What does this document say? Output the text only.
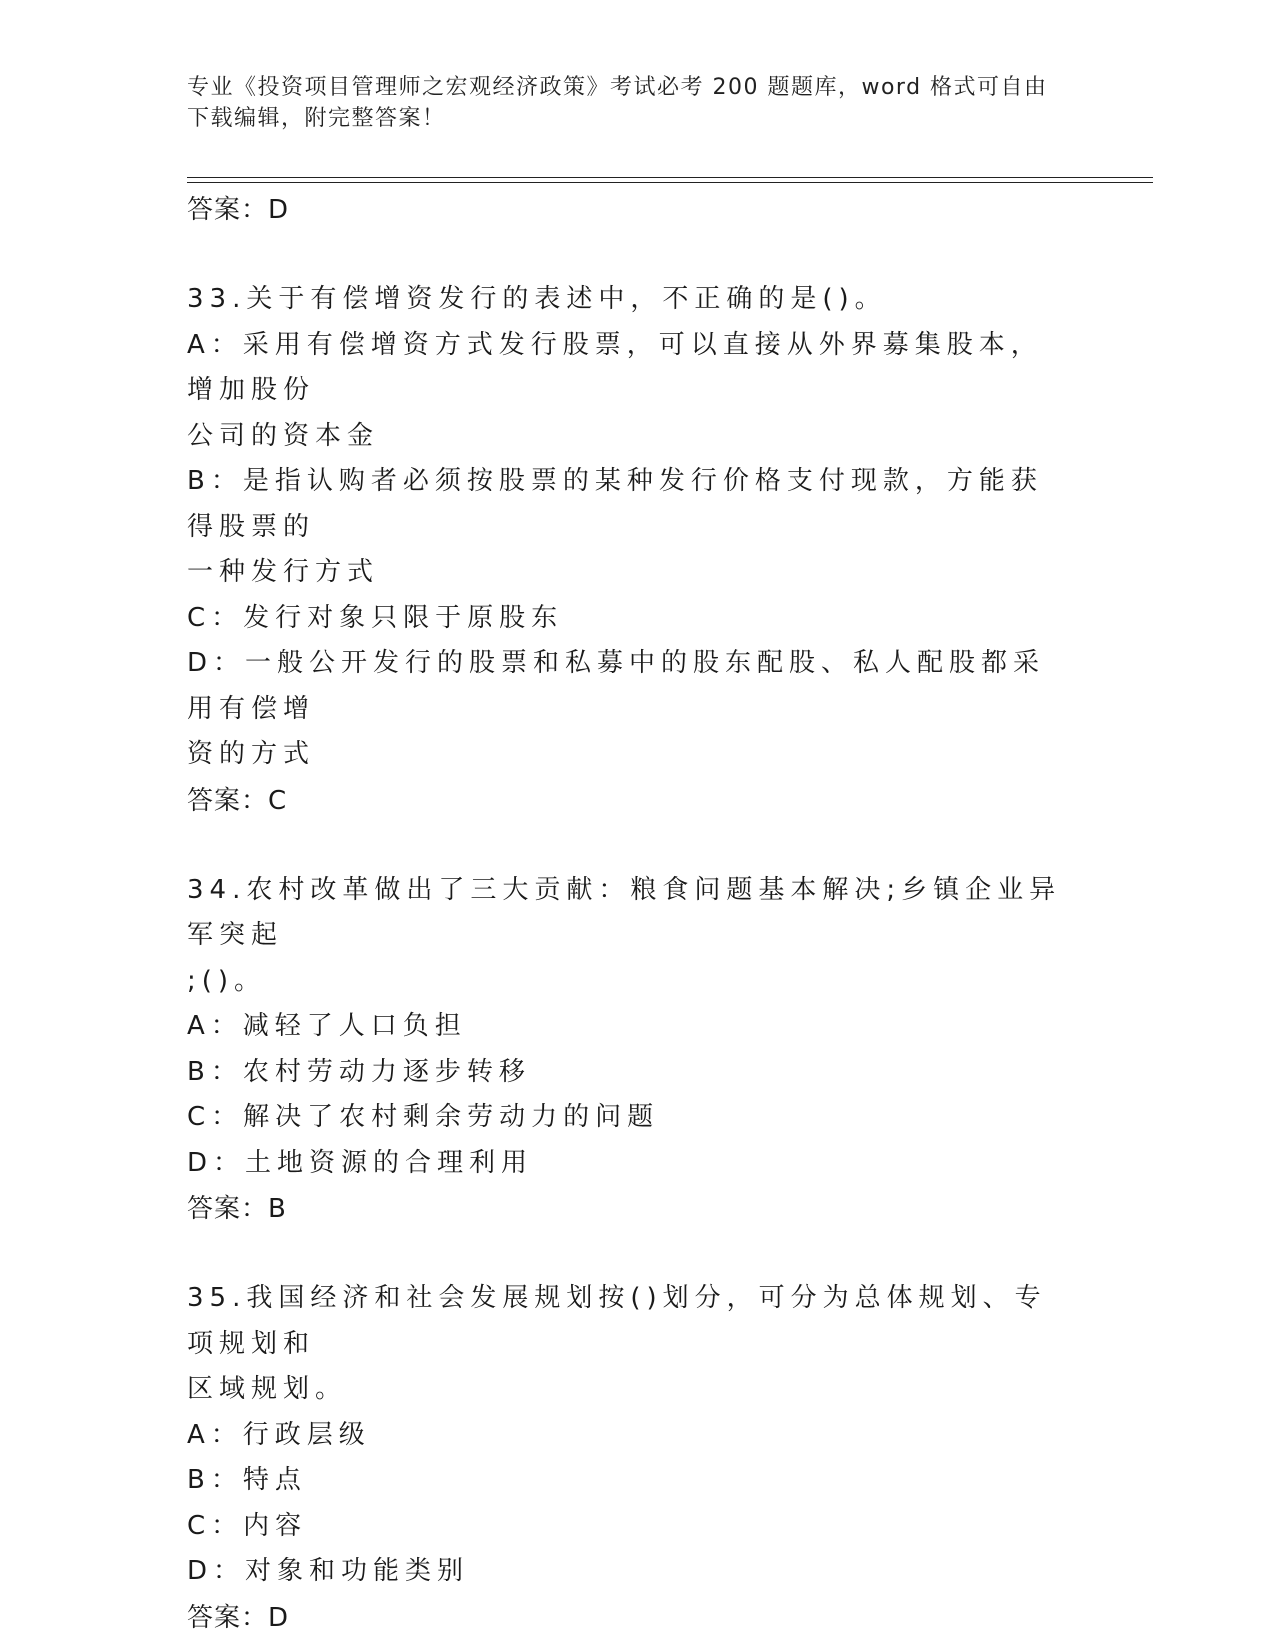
专业《投资项目管理师之宏观经济政策》考试必考 200 题题库，word 格式可自由
下载编辑，附完整答案！

答案：D

33.关于有偿增资发行的表述中，不正确的是()。

A：采用有偿增资方式发行股票，可以直接从外界募集股本，增加股份

公司的资本金

B：是指认购者必须按股票的某种发行价格支付现款，方能获得股票的

一种发行方式

C：发行对象只限于原股东

D：一般公开发行的股票和私募中的股东配股、私人配股都采用有偿增

资的方式

答案：C

34.农村改革做出了三大贡献：粮食问题基本解决;乡镇企业异军突起

;()。

A：减轻了人口负担

B：农村劳动力逐步转移

C：解决了农村剩余劳动力的问题

D：土地资源的合理利用

答案：B

35.我国经济和社会发展规划按()划分，可分为总体规划、专项规划和

区域规划。

A：行政层级

B：特点

C：内容

D：对象和功能类别

答案：D
